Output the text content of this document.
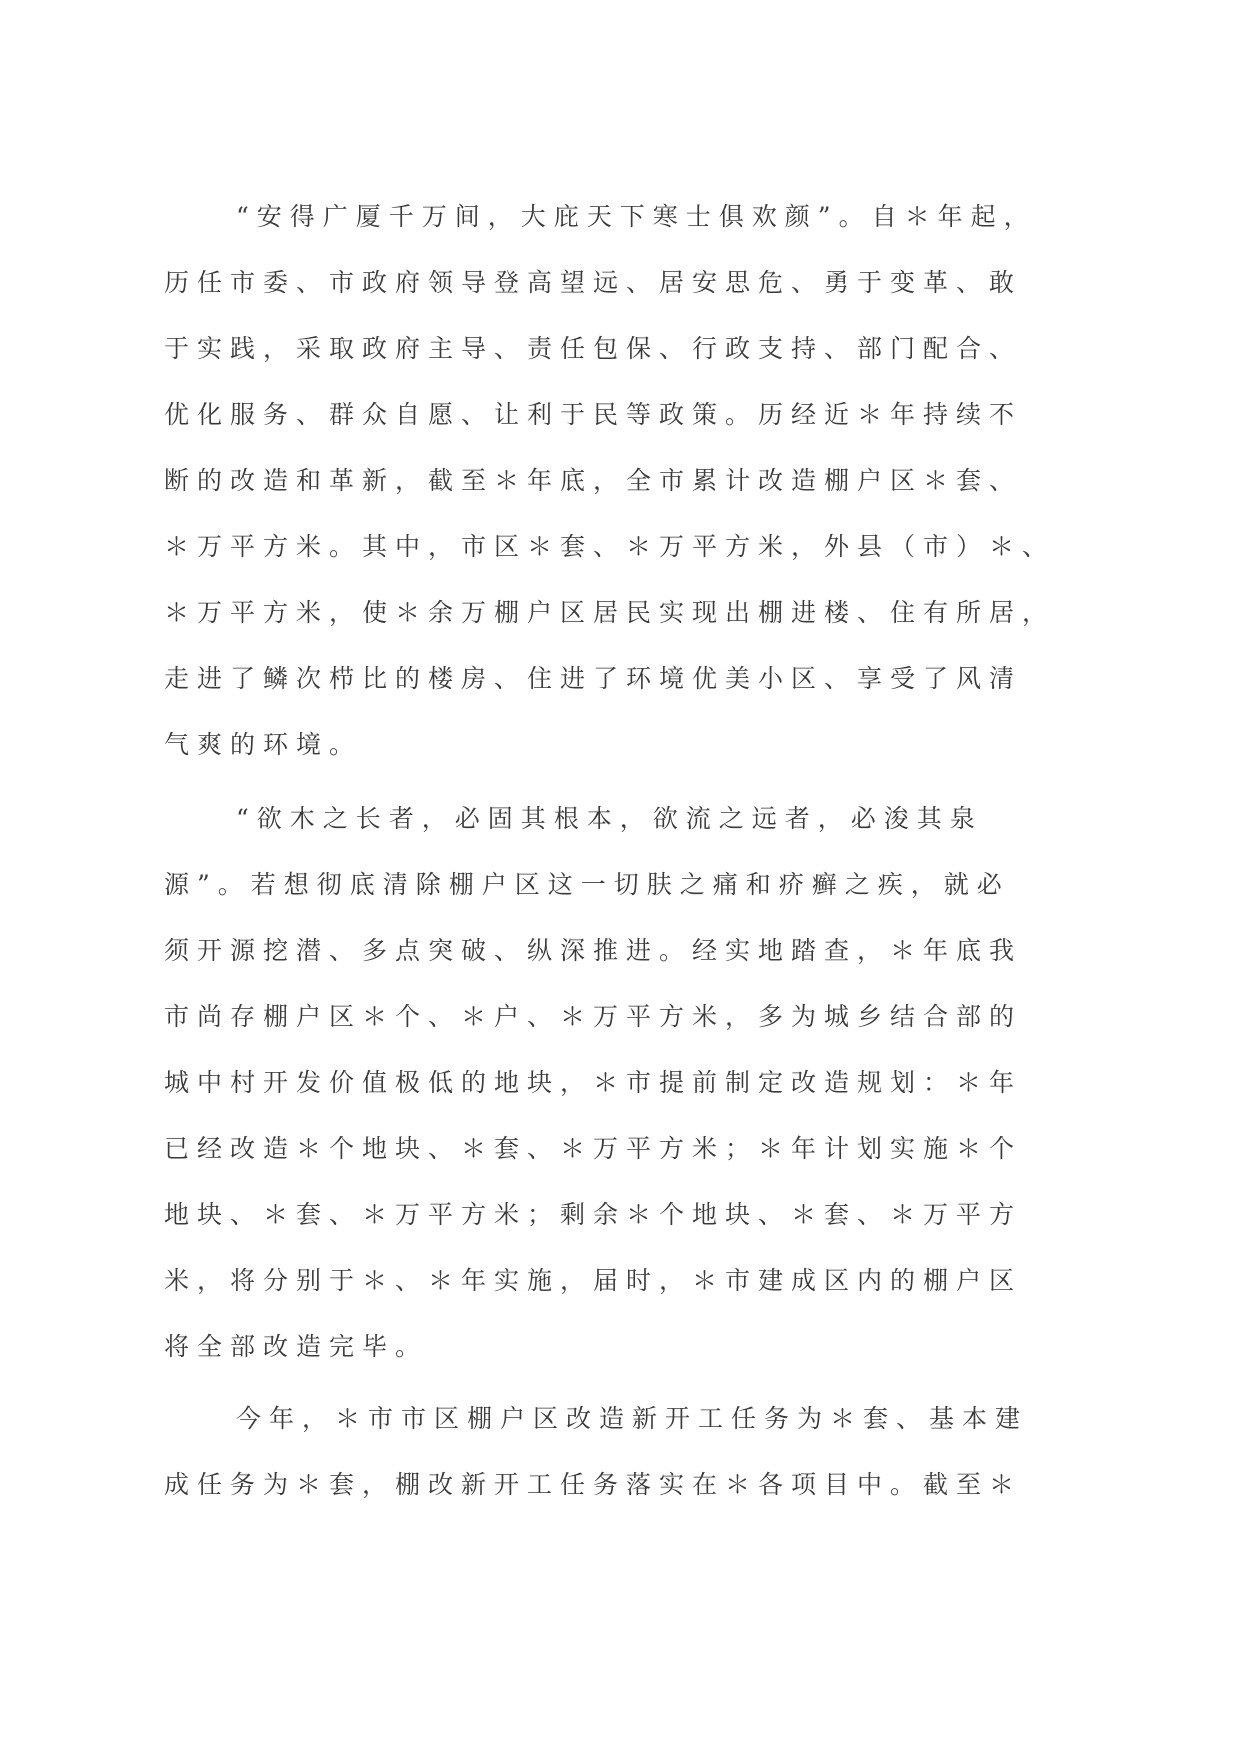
“安得广厦千万间，大庇天下寒士俱欢颜”。自＊年起，
历任市委、市政府领导登高望远、居安思危、勇于变革、敢
于实践，采取政府主导、责任包保、行政支持、部门配合、
优化服务、群众自愿、让利于民等政策。历经近＊年持续不
断的改造和革新，截至＊年底，全市累计改造棚户区＊套、
＊万平方米。其中，市区＊套、＊万平方米，外县（市）＊、
＊万平方米，使＊余万棚户区居民实现出棚进楼、住有所居，
走进了鳞次栉比的楼房、住进了环境优美小区、享受了风清
气爽的环境。
“欲木之长者，必固其根本，欲流之远者，必浚其泉
源”。若想彻底清除棚户区这一切肤之痛和疥癣之疾，就必
须开源挖潜、多点突破、纵深推进。经实地踏查，＊年底我
市尚存棚户区＊个、＊户、＊万平方米，多为城乡结合部的
城中村开发价值极低的地块，＊市提前制定改造规划：＊年
已经改造＊个地块、＊套、＊万平方米；＊年计划实施＊个
地块、＊套、＊万平方米；剩余＊个地块、＊套、＊万平方
米，将分别于＊、＊年实施，届时，＊市建成区内的棚户区
将全部改造完毕。
今年，＊市市区棚户区改造新开工任务为＊套、基本建
成任务为＊套，棚改新开工任务落实在＊各项目中。截至＊
